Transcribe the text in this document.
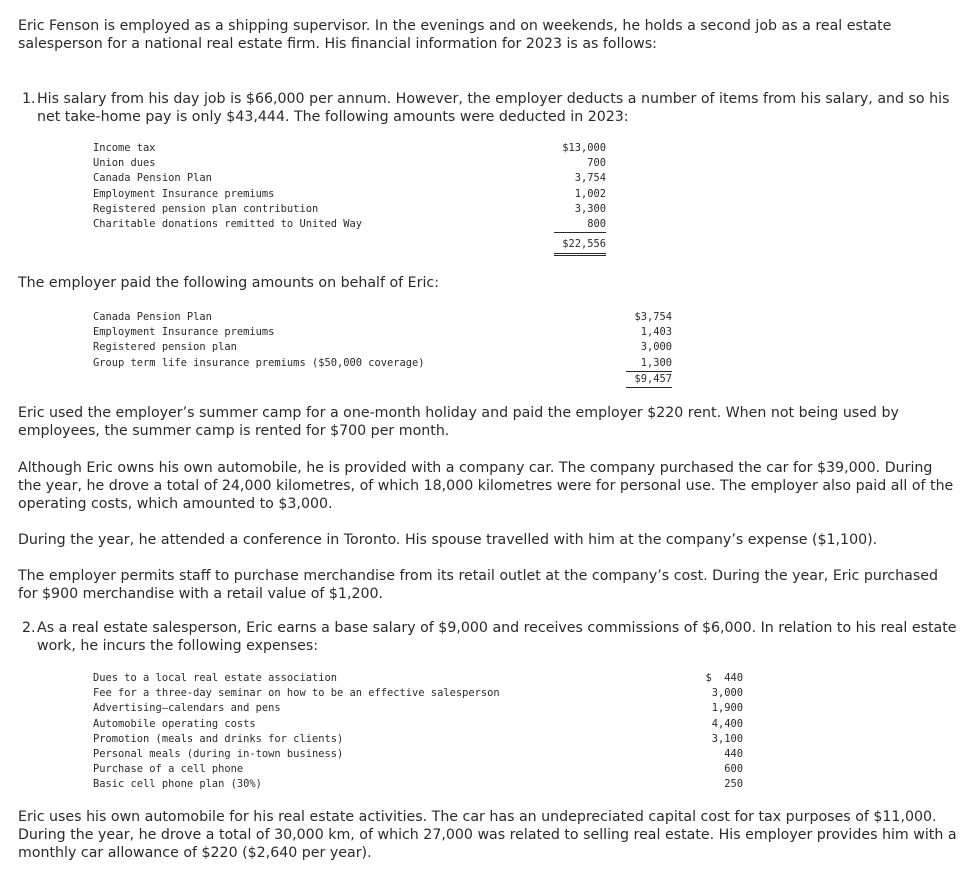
Eric Fenson is employed as a shipping supervisor. In the evenings and on weekends, he holds a second job as a real estate salesperson for a national real estate firm. His financial information for 2023 is as follows:

1. His salary from his day job is $66,000 per annum. However, the employer deducts a number of items from his salary, and so his net take-home pay is only $43,444. The following amounts were deducted in 2023:
Income tax
Union dues
Canada Pension Plan
Employment Insurance premiums
Registered pension plan contribution
Charitable donations remitted to United Way
$13,000
700
3,754
1,002
3,300
800
$22,556

The employer paid the following amounts on behalf of Eric:

Canada Pension Plan
Employment Insurance premiums
Registered pension plan
Group term life insurance premiums ($50,000 coverage)
$3,754
1,403
3,000
1,300
$9,457

Eric used the employer’s summer camp for a one-month holiday and paid the employer $220 rent. When not being used by employees, the summer camp is rented for $700 per month.

Although Eric owns his own automobile, he is provided with a company car. The company purchased the car for $39,000. During the year, he drove a total of 24,000 kilometres, of which 18,000 kilometres were for personal use. The employer also paid all of the operating costs, which amounted to $3,000.

During the year, he attended a conference in Toronto. His spouse travelled with him at the company’s expense ($1,100).

The employer permits staff to purchase merchandise from its retail outlet at the company’s cost. During the year, Eric purchased for $900 merchandise with a retail value of $1,200.

2. As a real estate salesperson, Eric earns a base salary of $9,000 and receives commissions of $6,000. In relation to his real estate work, he incurs the following expenses:
Dues to a local real estate association
Fee for a three-day seminar on how to be an effective salesperson
Advertising—calendars and pens
Automobile operating costs
Promotion (meals and drinks for clients)
Personal meals (during in-town business)
Purchase of a cell phone
Basic cell phone plan (30%)
$  440
3,000
1,900
4,400
3,100
440
600
250

Eric uses his own automobile for his real estate activities. The car has an undepreciated capital cost for tax purposes of $11,000. During the year, he drove a total of 30,000 km, of which 27,000 was related to selling real estate. His employer provides him with a monthly car allowance of $220 ($2,640 per year).
